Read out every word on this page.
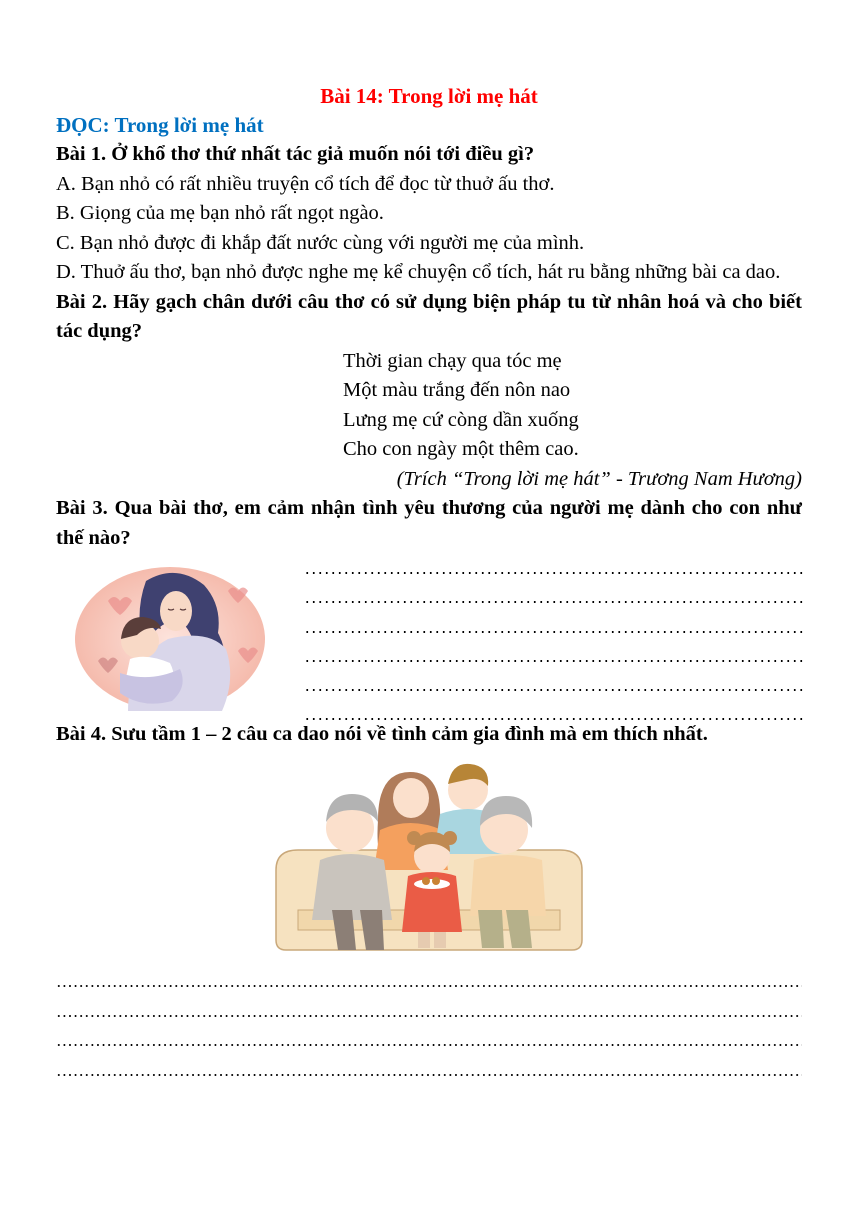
Bài 14: Trong lời mẹ hát
ĐỌC: Trong lời mẹ hát
Bài 1. Ở khổ thơ thứ nhất tác giả muốn nói tới điều gì?
A. Bạn nhỏ có rất nhiều truyện cổ tích để đọc từ thuở ấu thơ.
B. Giọng của mẹ bạn nhỏ rất ngọt ngào.
C. Bạn nhỏ được đi khắp đất nước cùng với người mẹ của mình.
D. Thuở ấu thơ, bạn nhỏ được nghe mẹ kể chuyện cổ tích, hát ru bằng những bài ca dao.
Bài 2. Hãy gạch chân dưới câu thơ có sử dụng biện pháp tu từ nhân hoá và cho biết tác dụng?
Thời gian chạy qua tóc mẹ
Một màu trắng đến nôn nao
Lưng mẹ cứ còng dần xuống
Cho con ngày một thêm cao.
(Trích “Trong lời mẹ hát” - Trương Nam Hương)
Bài 3. Qua bài thơ, em cảm nhận tình yêu thương của người mẹ dành cho con như thế nào?
Bài 4. Sưu tầm 1 – 2 câu ca dao nói về tình cảm gia đình mà em thích nhất.
